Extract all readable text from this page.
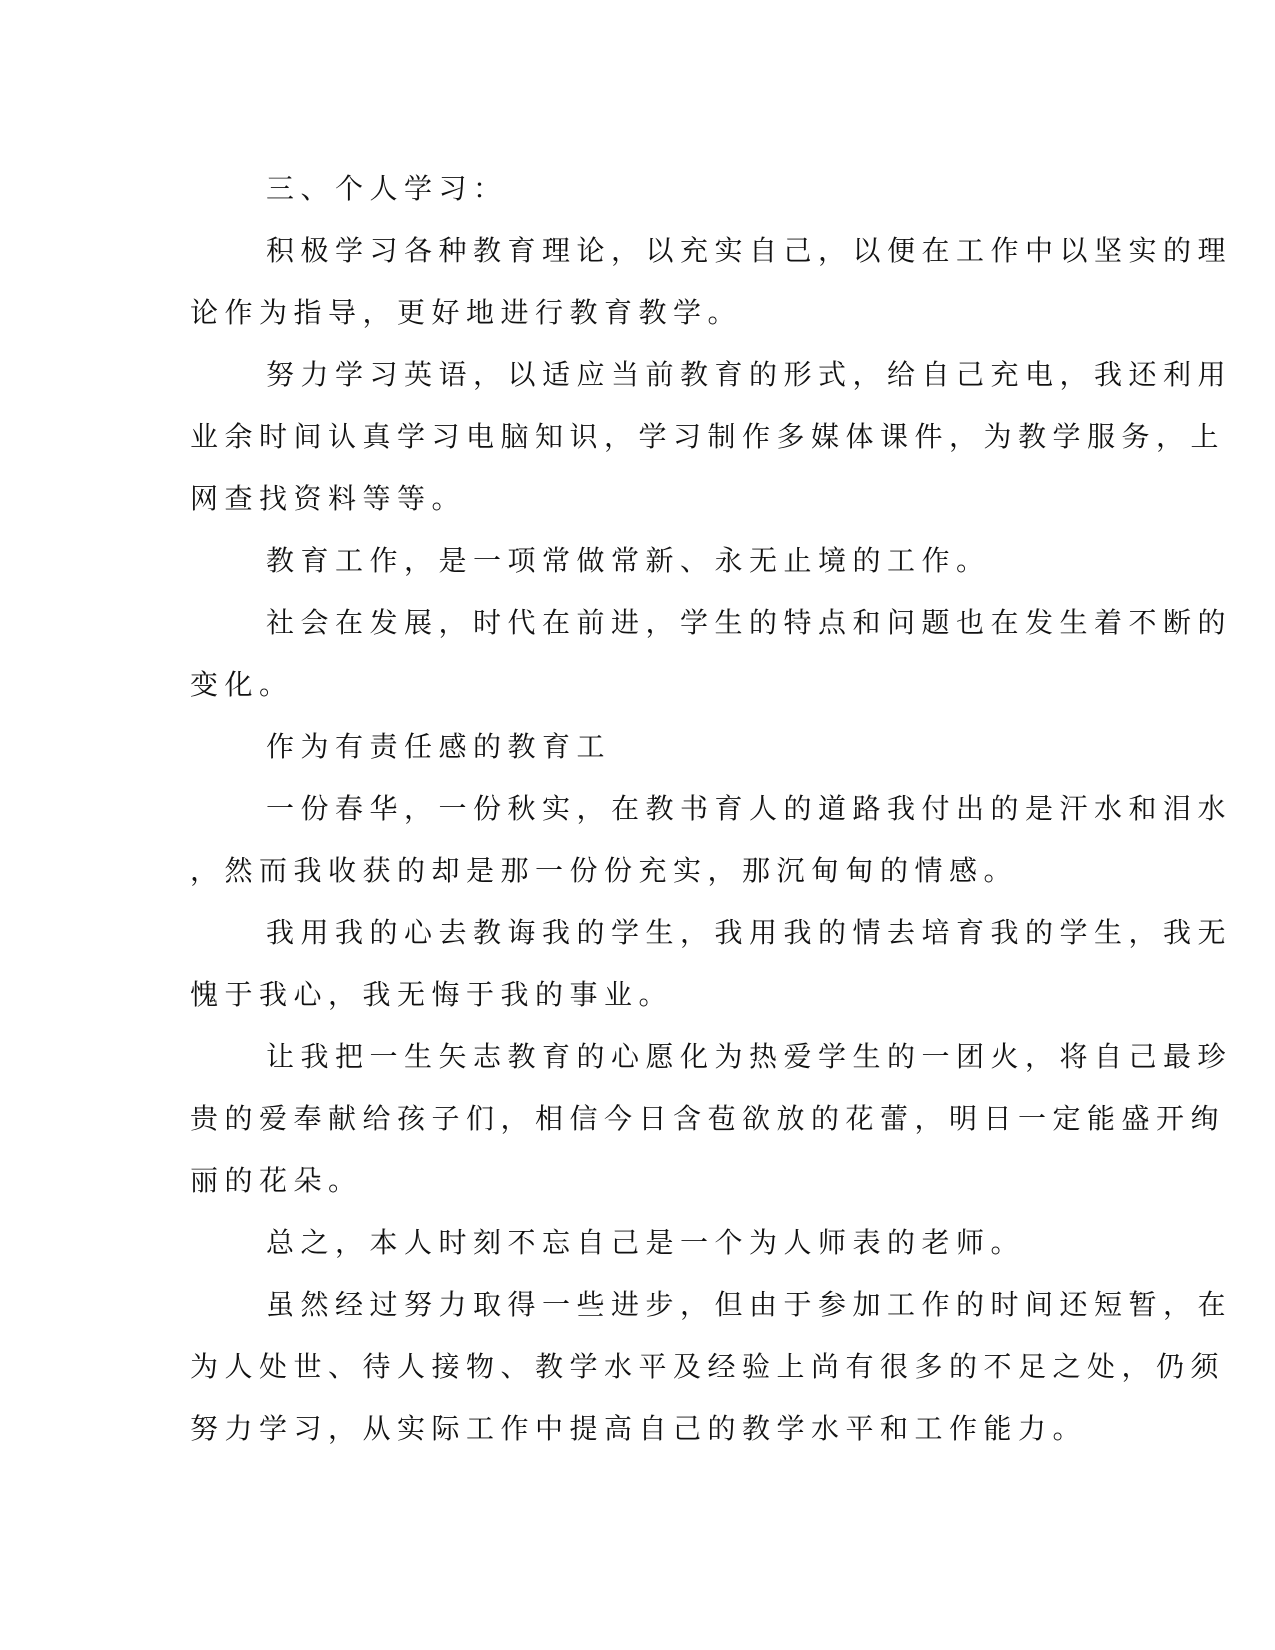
三、个人学习：
积极学习各种教育理论，以充实自己，以便在工作中以坚实的理
论作为指导，更好地进行教育教学。
努力学习英语，以适应当前教育的形式，给自己充电，我还利用
业余时间认真学习电脑知识，学习制作多媒体课件，为教学服务，上
网查找资料等等。
教育工作，是一项常做常新、永无止境的工作。
社会在发展，时代在前进，学生的特点和问题也在发生着不断的
变化。
作为有责任感的教育工
一份春华，一份秋实，在教书育人的道路我付出的是汗水和泪水
，然而我收获的却是那一份份充实，那沉甸甸的情感。
我用我的心去教诲我的学生，我用我的情去培育我的学生，我无
愧于我心，我无悔于我的事业。
让我把一生矢志教育的心愿化为热爱学生的一团火，将自己最珍
贵的爱奉献给孩子们，相信今日含苞欲放的花蕾，明日一定能盛开绚
丽的花朵。
总之，本人时刻不忘自己是一个为人师表的老师。
虽然经过努力取得一些进步，但由于参加工作的时间还短暂，在
为人处世、待人接物、教学水平及经验上尚有很多的不足之处，仍须
努力学习，从实际工作中提高自己的教学水平和工作能力。
